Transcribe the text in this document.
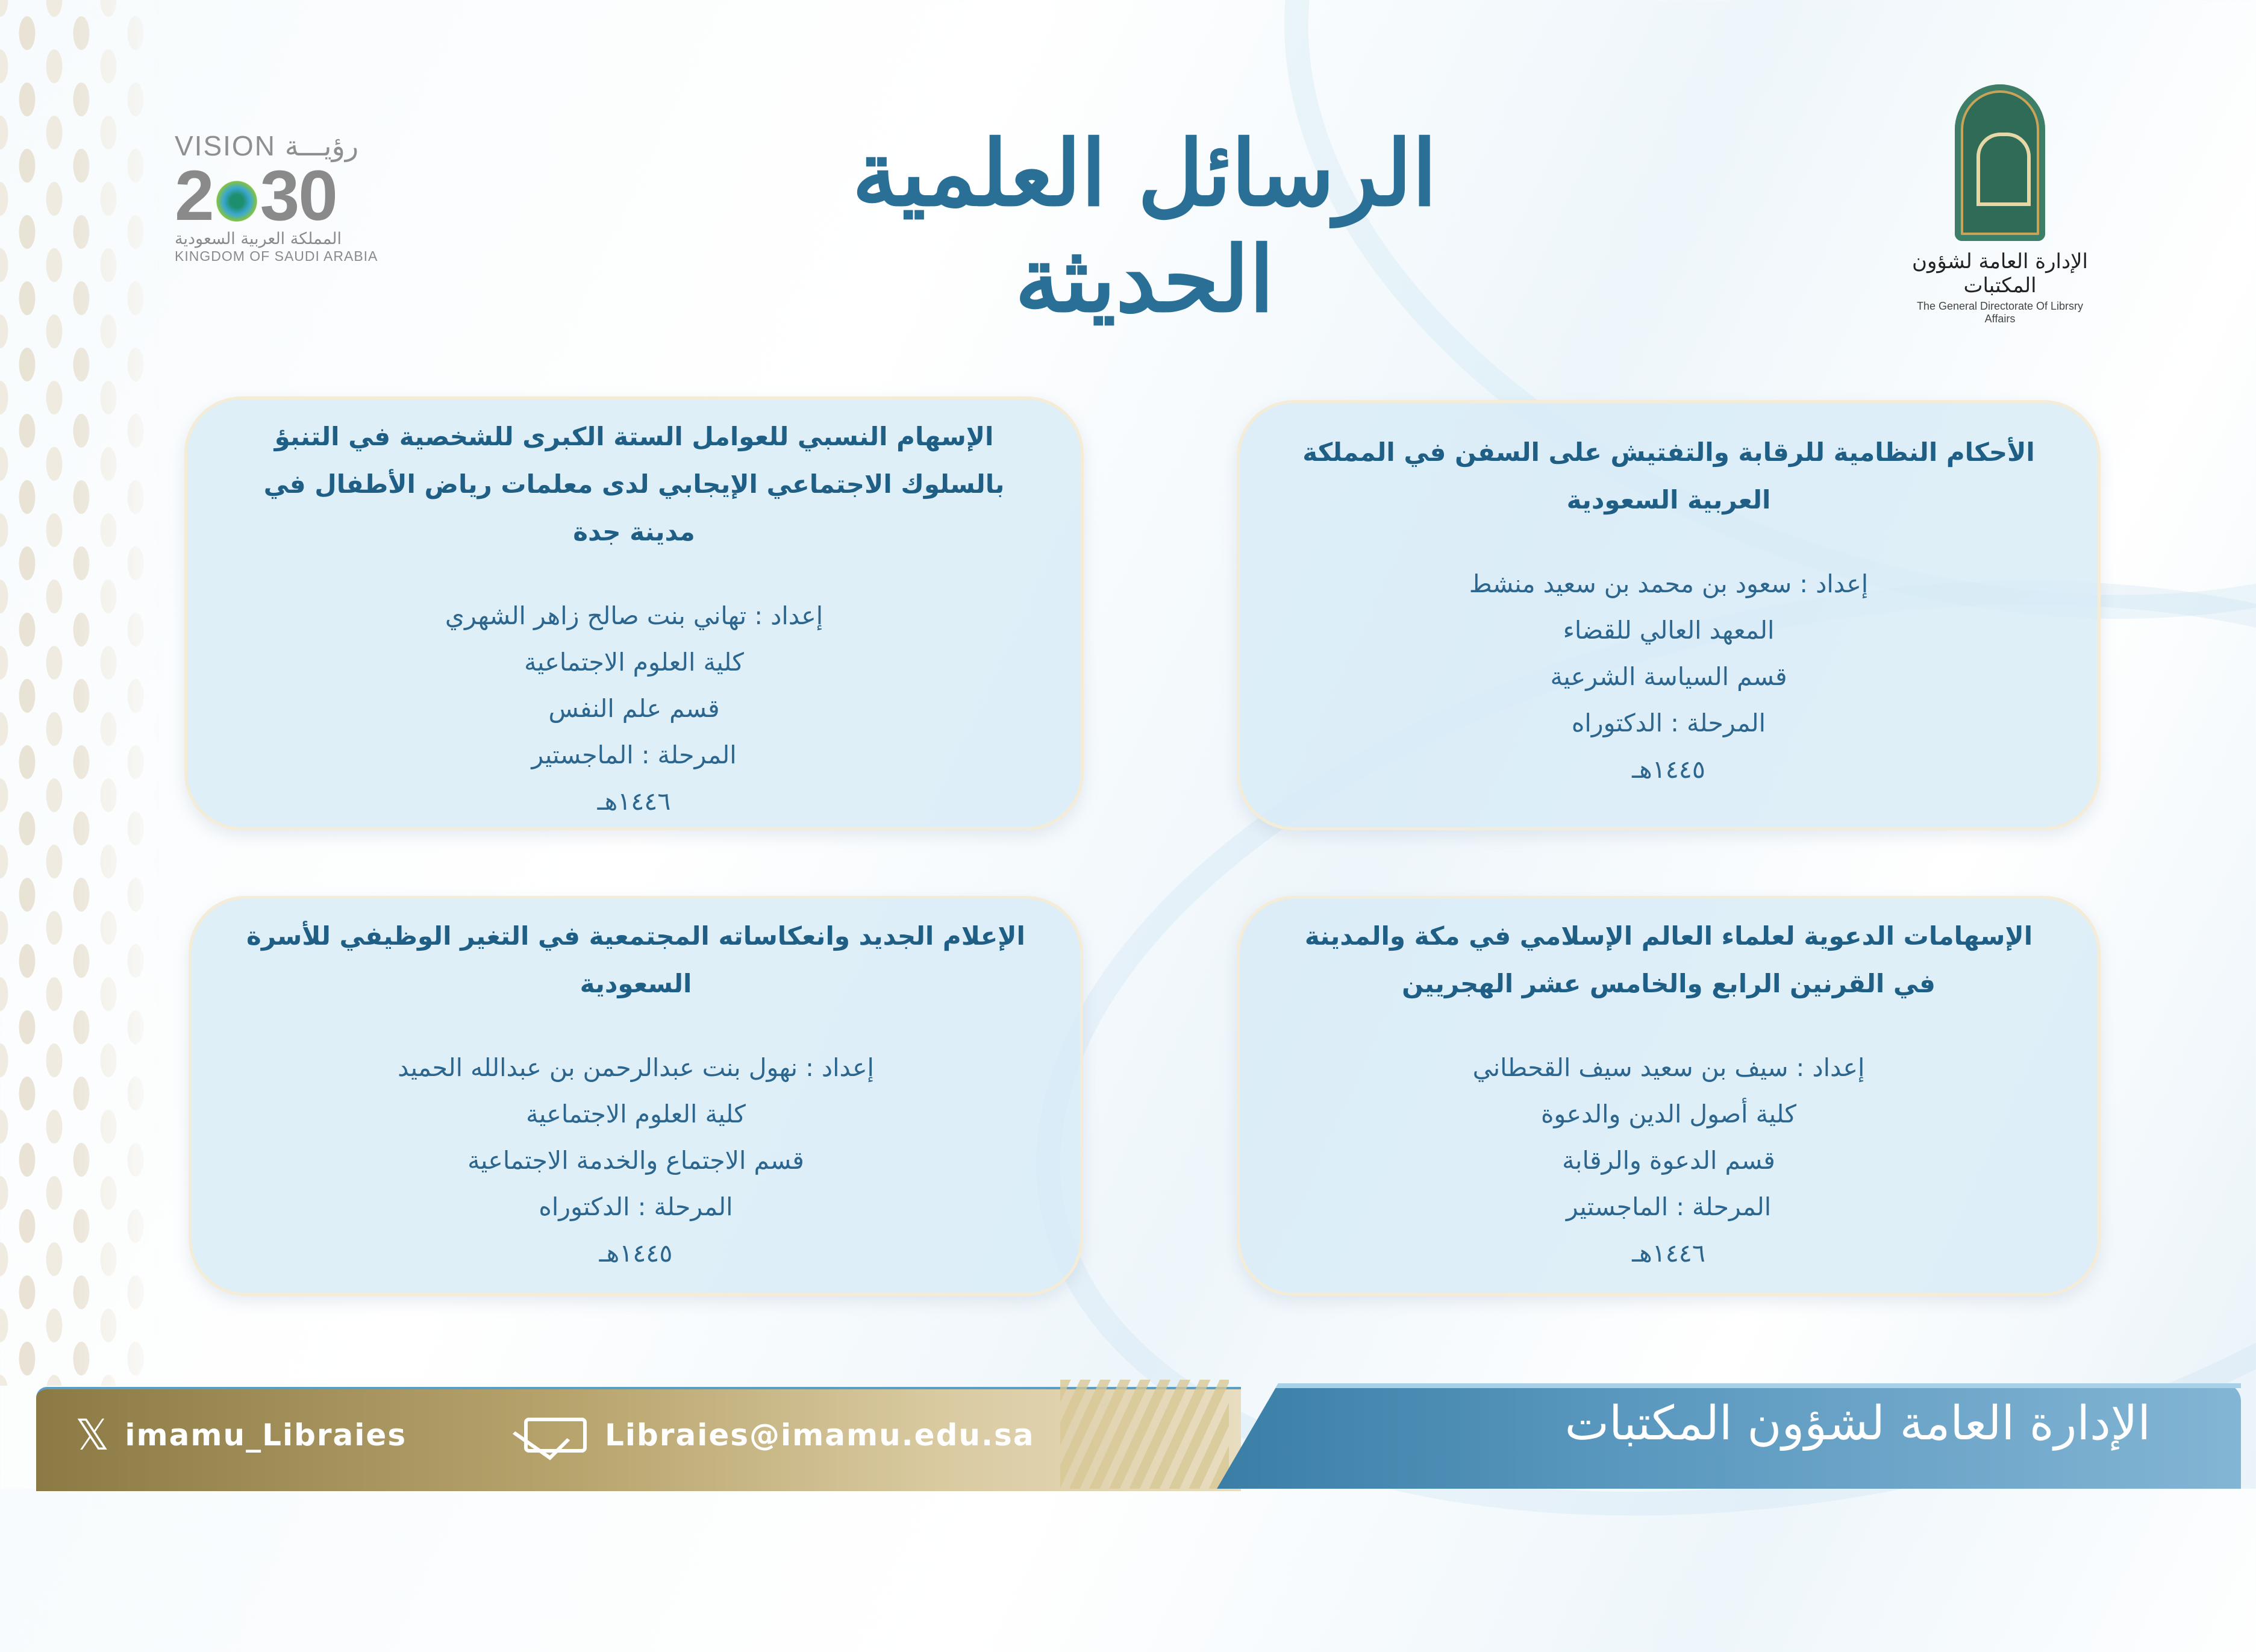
VISION رؤيـــة
2 30
المملكة العربية السعودية
KINGDOM OF SAUDI ARABIA
الرسائل العلمية الحديثة	الإدارة العامة لشؤون المكتبات
The General Directorate Of Librsry Affairs
الأحكام النظامية للرقابة والتفتيش على السفن في المملكة العربية السعودية
إعداد : سعود بن محمد بن سعيد منشط
المعهد العالي للقضاء
قسم السياسة الشرعية
المرحلة : الدكتوراه
١٤٤٥هـ
الإسهام النسبي للعوامل الستة الكبرى للشخصية في التنبؤ بالسلوك الاجتماعي الإيجابي لدى معلمات رياض الأطفال في مدينة جدة
إعداد : تهاني بنت صالح زاهر الشهري
كلية العلوم الاجتماعية
قسم علم النفس
المرحلة : الماجستير
١٤٤٦هـ
الإسهامات الدعوية لعلماء العالم الإسلامي في مكة والمدينة في القرنين الرابع والخامس عشر الهجريين
إعداد : سيف بن سعيد سيف القحطاني
كلية أصول الدين والدعوة
قسم الدعوة والرقابة
المرحلة : الماجستير
١٤٤٦هـ
الإعلام الجديد وانعكاساته المجتمعية في التغير الوظيفي للأسرة السعودية
إعداد : نهول بنت عبدالرحمن بن عبدالله الحميد
كلية العلوم الاجتماعية
قسم الاجتماع والخدمة الاجتماعية
المرحلة : الدكتوراه
١٤٤٥هـ
الإدارة العامة لشؤون المكتبات
𝕏 imamu_Libraies	Libraies@imamu.edu.sa
